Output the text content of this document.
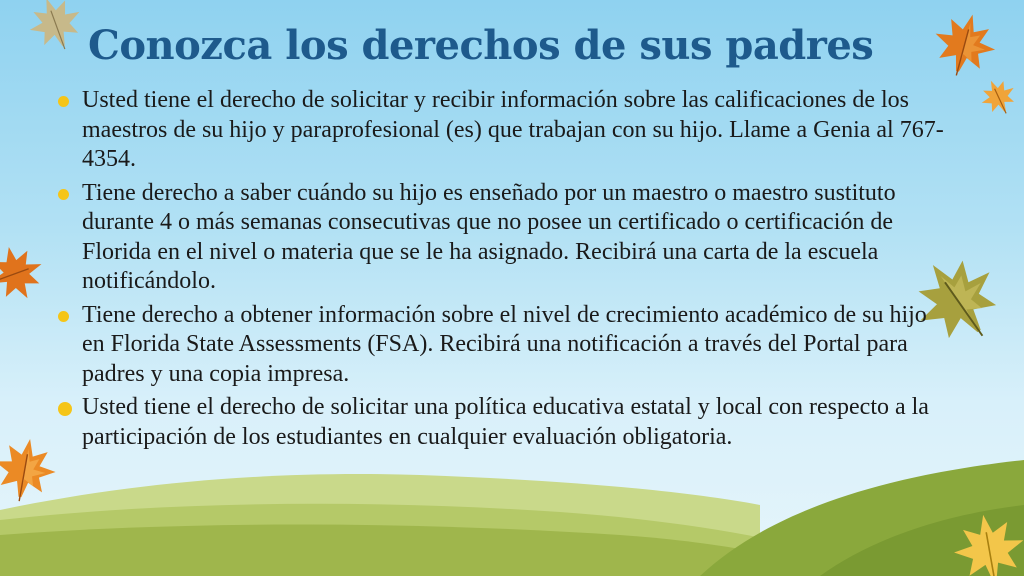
Conozca los derechos de sus padres
Usted tiene el derecho de solicitar y recibir información sobre las calificaciones de los maestros de su hijo y paraprofesional (es) que trabajan con su hijo. Llame a Genia al 767-4354.
Tiene derecho a saber cuándo su hijo es enseñado por un maestro o maestro sustituto durante 4 o más semanas consecutivas que no posee un certificado o certificación de Florida en el nivel o materia que se le ha asignado. Recibirá una carta de la escuela notificándolo.
Tiene derecho a obtener información sobre el nivel de crecimiento académico de su hijo en Florida State Assessments (FSA). Recibirá una notificación a través del Portal para padres y una copia impresa.
Usted tiene el derecho de solicitar una política educativa estatal y local con respecto a la participación de los estudiantes en cualquier evaluación obligatoria.
